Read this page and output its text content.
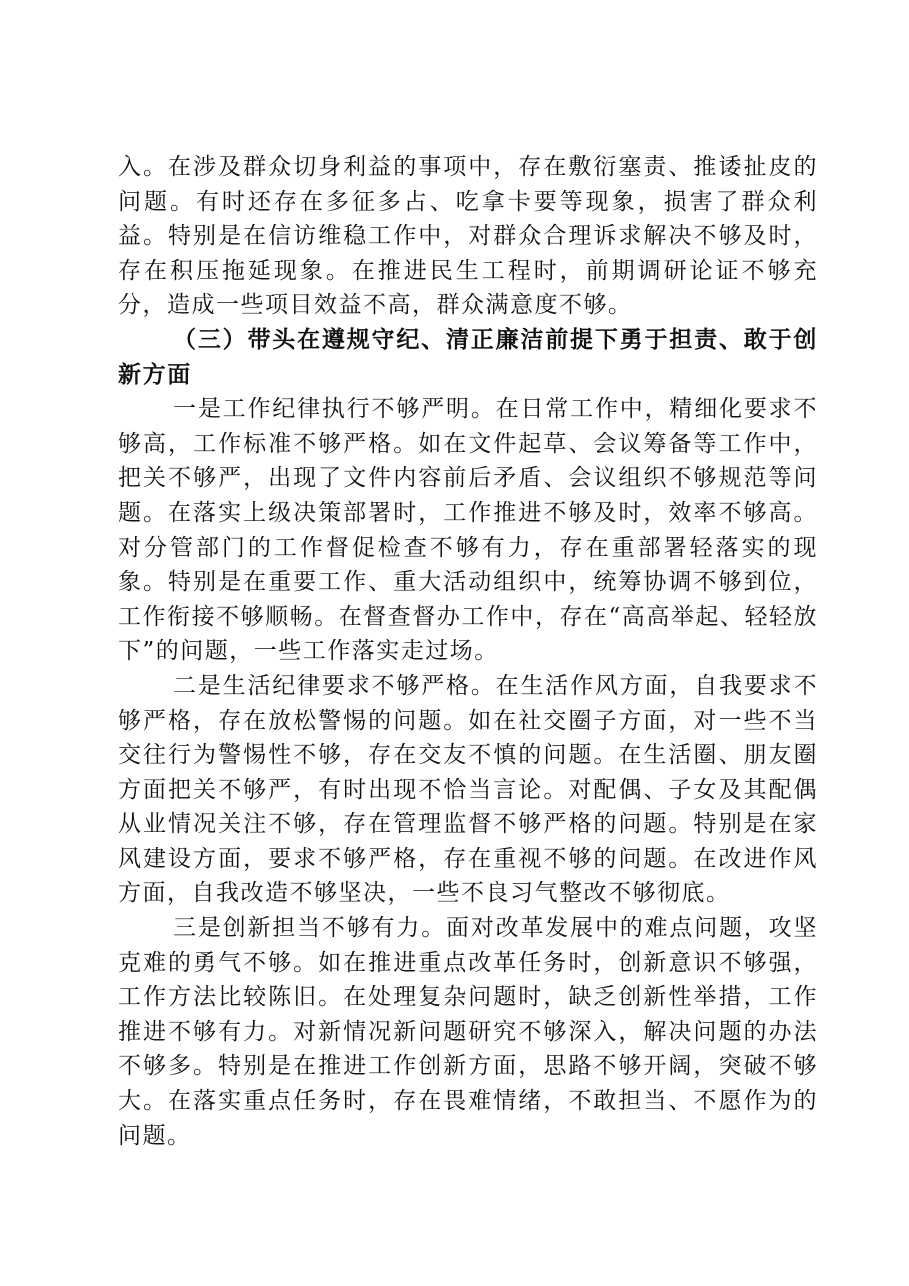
入。在涉及群众切身利益的事项中，存在敷衍塞责、推诿扯皮的问题。有时还存在多征多占、吃拿卡要等现象，损害了群众利益。特别是在信访维稳工作中，对群众合理诉求解决不够及时，存在积压拖延现象。在推进民生工程时，前期调研论证不够充分，造成一些项目效益不高，群众满意度不够。

（三）带头在遵规守纪、清正廉洁前提下勇于担责、敢于创新方面

一是工作纪律执行不够严明。在日常工作中，精细化要求不够高，工作标准不够严格。如在文件起草、会议筹备等工作中，把关不够严，出现了文件内容前后矛盾、会议组织不够规范等问题。在落实上级决策部署时，工作推进不够及时，效率不够高。对分管部门的工作督促检查不够有力，存在重部署轻落实的现象。特别是在重要工作、重大活动组织中，统筹协调不够到位，工作衔接不够顺畅。在督查督办工作中，存在“高高举起、轻轻放下”的问题，一些工作落实走过场。

二是生活纪律要求不够严格。在生活作风方面，自我要求不够严格，存在放松警惕的问题。如在社交圈子方面，对一些不当交往行为警惕性不够，存在交友不慎的问题。在生活圈、朋友圈方面把关不够严，有时出现不恰当言论。对配偶、子女及其配偶从业情况关注不够，存在管理监督不够严格的问题。特别是在家风建设方面，要求不够严格，存在重视不够的问题。在改进作风方面，自我改造不够坚决，一些不良习气整改不够彻底。

三是创新担当不够有力。面对改革发展中的难点问题，攻坚克难的勇气不够。如在推进重点改革任务时，创新意识不够强，工作方法比较陈旧。在处理复杂问题时，缺乏创新性举措，工作推进不够有力。对新情况新问题研究不够深入，解决问题的办法不够多。特别是在推进工作创新方面，思路不够开阔，突破不够大。在落实重点任务时，存在畏难情绪，不敢担当、不愿作为的问题。
